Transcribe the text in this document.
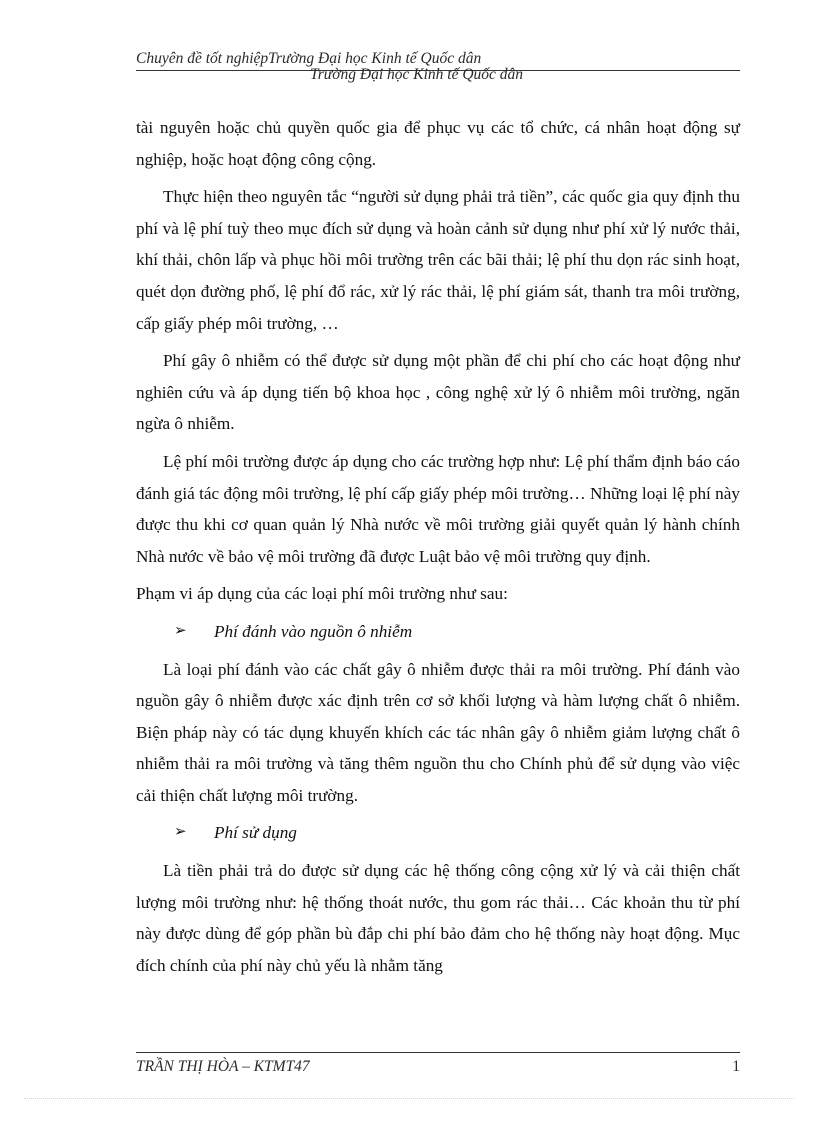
Chuyên đề tốt nghiệpTrường Đại học Kinh tế Quốc dân
Trường Đại học Kinh tế Quốc dân

tài nguyên hoặc chủ quyền quốc gia để phục vụ các tổ chức, cá nhân hoạt động sự nghiệp, hoặc hoạt động công cộng.

Thực hiện theo nguyên tắc “người sử dụng phải trả tiền”, các quốc gia quy định thu phí và lệ phí tuỳ theo mục đích sử dụng và hoàn cảnh sử dụng như phí xử lý nước thải, khí thải, chôn lấp và phục hồi môi trường trên các bãi thải; lệ phí thu dọn rác sinh hoạt, quét dọn đường phố, lệ phí đổ rác, xử lý rác thải, lệ phí giám sát, thanh tra môi trường, cấp giấy phép môi trường, …

Phí gây ô nhiễm có thể được sử dụng một phần để chi phí cho các hoạt động như nghiên cứu và áp dụng tiến bộ khoa học , công nghệ xử lý ô nhiễm môi trường, ngăn ngừa ô nhiễm.

Lệ phí môi trường được áp dụng cho các trường hợp như: Lệ phí thẩm định báo cáo đánh giá tác động môi trường, lệ phí cấp giấy phép môi trường… Những loại lệ phí này được thu khi cơ quan quản lý Nhà nước về môi trường giải quyết quản lý hành chính Nhà nước về bảo vệ môi trường đã được Luật bảo vệ môi trường quy định.

Phạm vi áp dụng của các loại phí môi trường như sau:

➢ Phí đánh vào nguồn ô nhiễm

Là loại phí đánh vào các chất gây ô nhiễm được thải ra môi trường. Phí đánh vào nguồn gây ô nhiễm được xác định trên cơ sở khối lượng và hàm lượng chất ô nhiễm. Biện pháp này có tác dụng khuyến khích các tác nhân gây ô nhiễm giảm lượng chất ô nhiễm thải ra môi trường và tăng thêm nguồn thu cho Chính phủ để sử dụng vào việc cải thiện chất lượng môi trường.

➢ Phí sử dụng

Là tiền phải trả do được sử dụng các hệ thống công cộng xử lý và cải thiện chất lượng môi trường như: hệ thống thoát nước, thu gom rác thải… Các khoản thu từ phí này được dùng để góp phần bù đắp chi phí bảo đảm cho hệ thống này hoạt động. Mục đích chính của phí này chủ yếu là nhằm tăng

TRẦN THỊ HÒA – KTMT47	1
